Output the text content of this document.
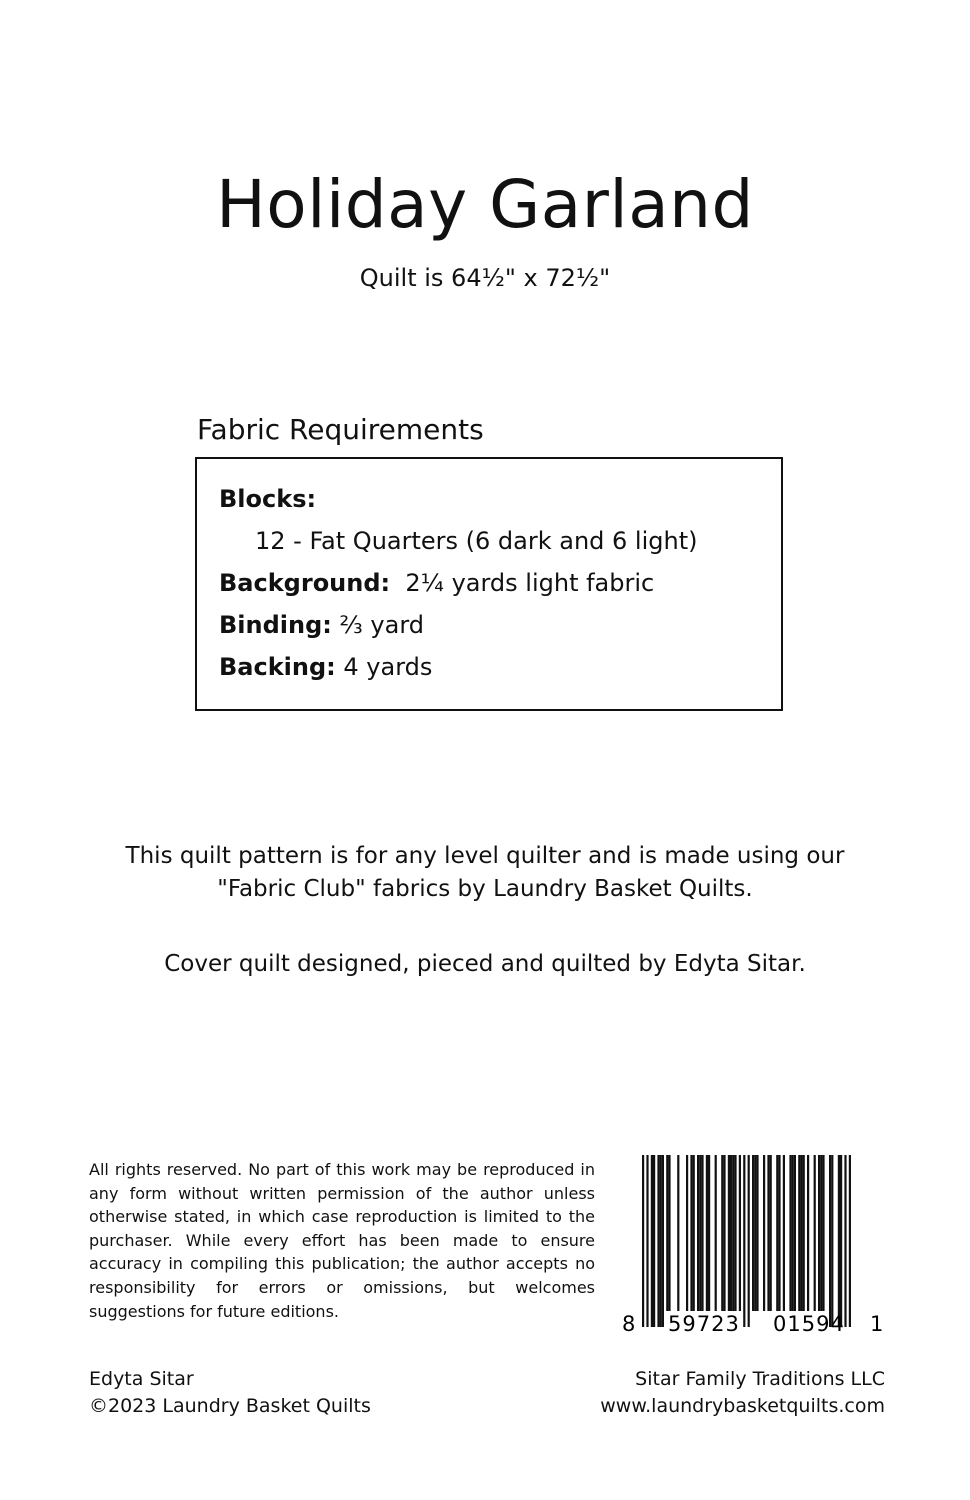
Holiday Garland
Quilt is 64½" x 72½"
Fabric Requirements
Blocks:
12 - Fat Quarters (6 dark and 6 light)
Background: 2¼ yards light fabric
Binding: ⅔ yard
Backing: 4 yards
This quilt pattern is for any level quilter and is made using our
"Fabric Club" fabrics by Laundry Basket Quilts.
Cover quilt designed, pieced and quilted by Edyta Sitar.
All rights reserved. No part of this work may be reproduced in any form without written permission of the author unless otherwise stated, in which case reproduction is limited to the purchaser. While every effort has been made to ensure accuracy in compiling this publication; the author accepts no responsibility for errors or omissions, but welcomes suggestions for future editions.
8 59723 01594 1
Edyta Sitar
©2023 Laundry Basket Quilts
Sitar Family Traditions LLC
www.laundrybasketquilts.com
